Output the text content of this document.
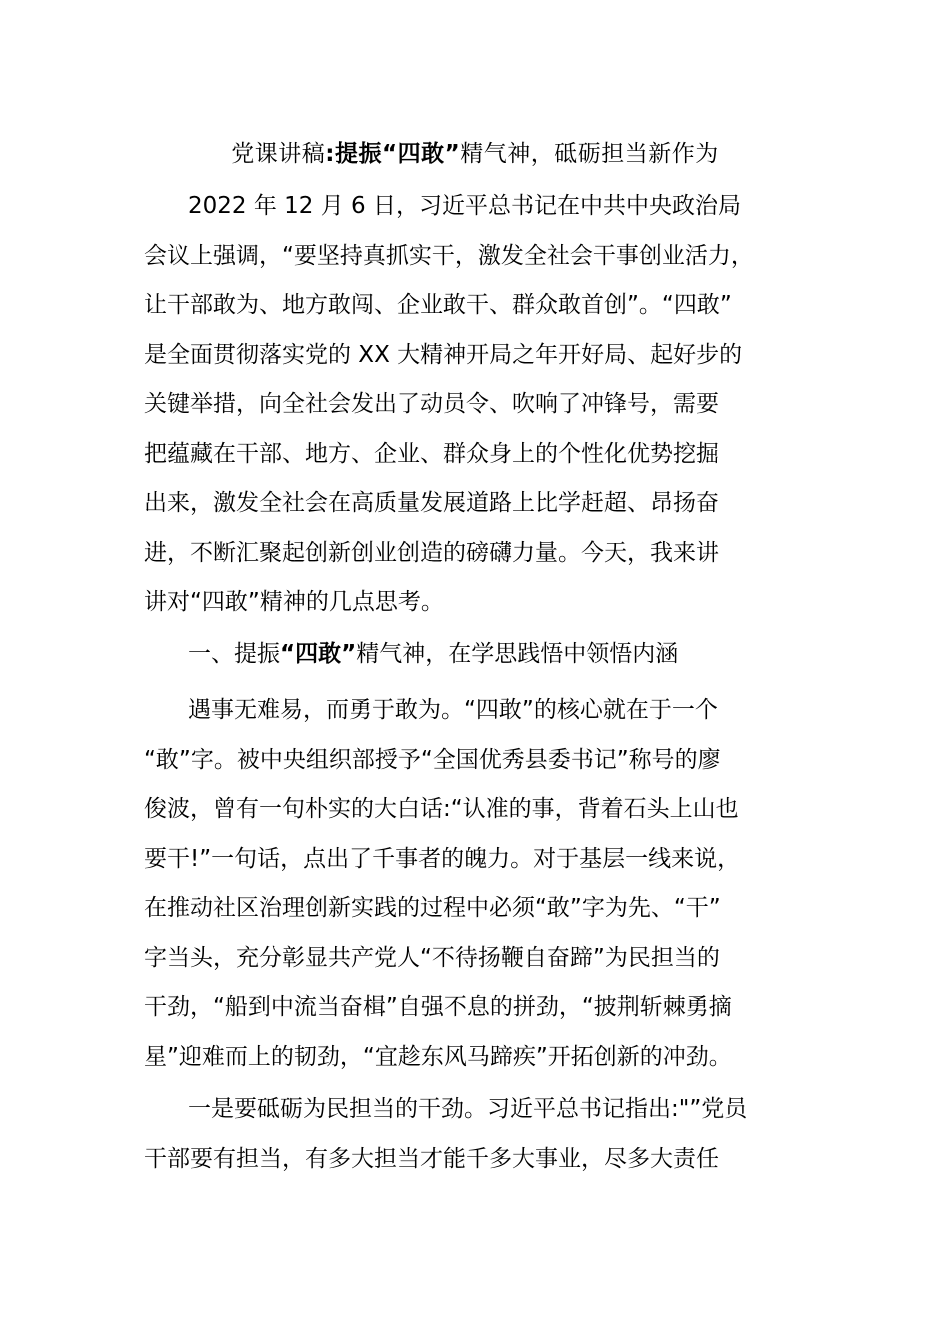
党课讲稿:提振“四敢”精气神，砥砺担当新作为
2022 年 12 月 6 日，习近平总书记在中共中央政治局
会议上强调，“要坚持真抓实干，激发全社会干事创业活力，
让干部敢为、地方敢闯、企业敢干、群众敢首创”。“四敢”
是全面贯彻落实党的 XX 大精神开局之年开好局、起好步的
关键举措，向全社会发出了动员令、吹响了冲锋号，需要
把蕴藏在干部、地方、企业、群众身上的个性化优势挖掘
出来，激发全社会在高质量发展道路上比学赶超、昂扬奋
进，不断汇聚起创新创业创造的磅礴力量。今天，我来讲
讲对“四敢”精神的几点思考。
一、提振“四敢”精气神，在学思践悟中领悟内涵
遇事无难易，而勇于敢为。“四敢”的核心就在于一个
“敢”字。被中央组织部授予“全国优秀县委书记”称号的廖
俊波，曾有一句朴实的大白话:“认准的事，背着石头上山也
要干!”一句话，点出了千事者的魄力。对于基层一线来说，
在推动社区治理创新实践的过程中必须“敢”字为先、“干”
字当头，充分彰显共产党人“不待扬鞭自奋蹄”为民担当的
干劲，“船到中流当奋楫”自强不息的拼劲，“披荆斩棘勇摘
星”迎难而上的韧劲，“宜趁东风马蹄疾”开拓创新的冲劲。
一是要砥砺为民担当的干劲。习近平总书记指出:"”党员
干部要有担当，有多大担当才能千多大事业，尽多大责任
